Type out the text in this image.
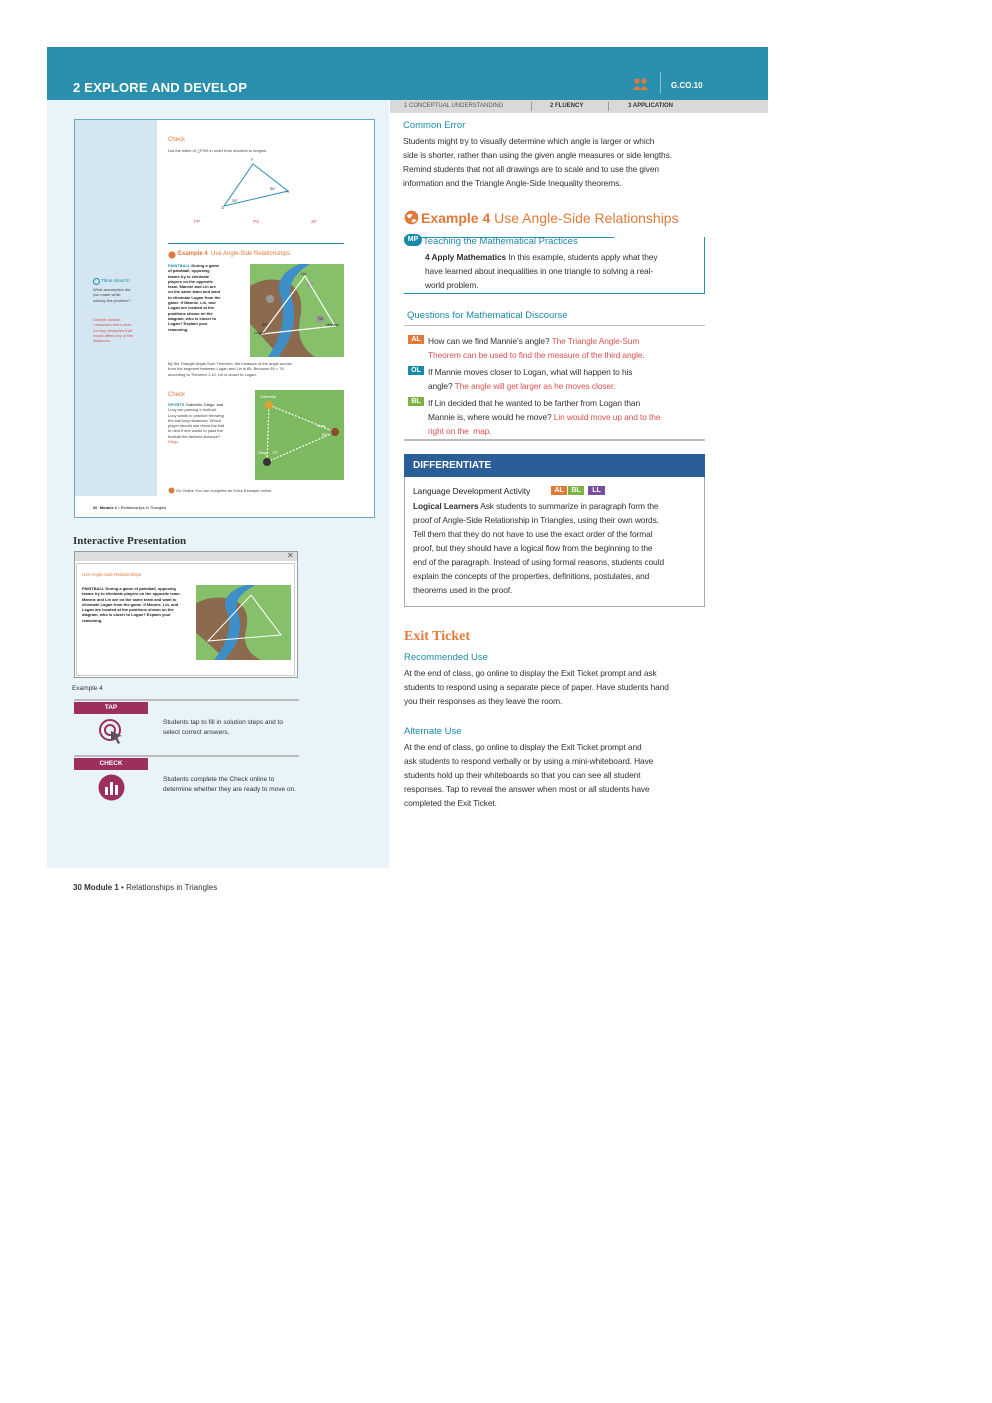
2 EXPLORE AND DEVELOP	G.CO.10
1 CONCEPTUAL UNDERSTANDING	2 FLUENCY	3 APPLICATION
Check
List the sides of △FGH in order from shortest to longest.
F
H
G
56°
35°
FP	PS	SF
Example 4 Use Angle-Side Relationships
Think About It!
What assumption did
you make while
solving this problem?
Sample answer:
I assumed there were
not any obstacles that
would affect any of the
distances.
PAINTBALL During a game
of paintball, opposing
teams try to eliminate
players on the opposite
team. Mannie and Lin are
on the same team and want
to eliminate Logan from the
game. If Mannie, Lin, and
Logan are located at the
positions shown on the
diagram, who is closer to
Logan? Explain your
reasoning.
Lin
Logan
Mannie
55°
76°
By the Triangle Angle-Sum Theorem, the measure of the angle across
from the segment between Logan and Lin is 65. Because 65 < 76,
according to Theorem 1.10, Lin is closer to Logan.
Check
SPORTS Gabriella, Diego, and
Lucy are passing a football.
Lucy wants to practice throwing
the ball long distances. Which
player should she throw the ball
to next if she wants to pass the
football the farthest distance?
Diego
Gabriella
Lucy
Diego 70°
55°
Go Online You can complete an Extra Example online.
20 Module 1 • Relationships in Triangles
Interactive Presentation
✕
Use Angle-Side Relationships
PAINTBALL During a game of paintball, opposing
teams try to eliminate players on the opposite team.
Mannie and Lin are on the same team and want to
eliminate Logan from the game. If Mannie, Lin, and
Logan are located at the positions shown on the
diagram, who is closer to Logan? Explain your
reasoning.
Example 4
TAP
Students tap to fill in solution steps and to
select correct answers.
CHECK
Students complete the Check online to
determine whether they are ready to move on.
30 Module 1 • Relationships in Triangles
Common Error
Students might try to visually determine which angle is larger or which
side is shorter, rather than using the given angle measures or side lengths.
Remind students that not all drawings are to scale and to use the given
information and the Triangle Angle-Side Inequality theorems.
Example 4 Use Angle-Side Relationships
MP Teaching the Mathematical Practices
4 Apply Mathematics In this example, students apply what they
have learned about inequalities in one triangle to solving a real-
world problem.
Questions for Mathematical Discourse
AL How can we find Mannie’s angle? The Triangle Angle-Sum
Theorem can be used to find the measure of the third angle.
OL If Mannie moves closer to Logan, what will happen to his
angle? The angle will get larger as he moves closer.
BL If Lin decided that he wanted to be farther from Logan than
Mannie is, where would he move? Lin would move up and to the
right on the map.
DIFFERENTIATE
Language Development Activity	AL	BL	LL
Logical Learners Ask students to summarize in paragraph form the
proof of Angle-Side Relationship in Triangles, using their own words.
Tell them that they do not have to use the exact order of the formal
proof, but they should have a logical flow from the beginning to the
end of the paragraph. Instead of using formal reasons, students could
explain the concepts of the properties, definitions, postulates, and
theorems used in the proof.
Exit Ticket
Recommended Use
At the end of class, go online to display the Exit Ticket prompt and ask
students to respond using a separate piece of paper. Have students hand
you their responses as they leave the room.
Alternate Use
At the end of class, go online to display the Exit Ticket prompt and
ask students to respond verbally or by using a mini-whiteboard. Have
students hold up their whiteboards so that you can see all student
responses. Tap to reveal the answer when most or all students have
completed the Exit Ticket.
